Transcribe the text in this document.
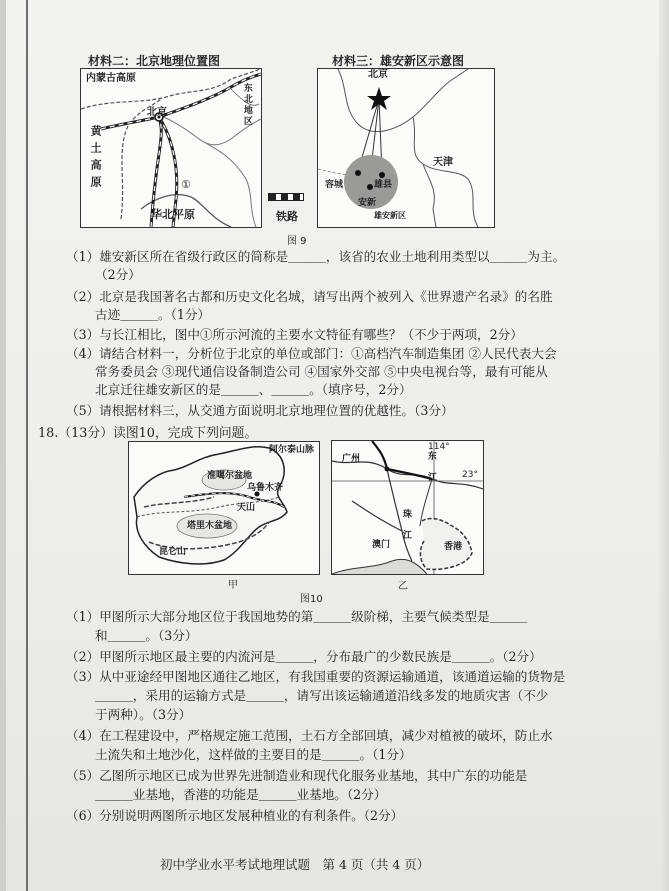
材料二：北京地理位置图	材料三：雄安新区示意图
内蒙古高原
东北地区
黄土高原
北京
华北平原
①
铁路
北京
天津
容城	雄县
安新
雄安新区
图 9
（1）雄安新区所在省级行政区的简称是＿＿＿，该省的农业土地利用类型以＿＿＿为主。
（2分）
（2）北京是我国著名古都和历史文化名城，请写出两个被列入《世界遗产名录》的名胜
古迹＿＿＿。（1分）
（3）与长江相比，图中①所示河流的主要水文特征有哪些？（不少于两项，2分）
（4）请结合材料一，分析位于北京的单位或部门：①高档汽车制造集团 ②人民代表大会
常务委员会 ③现代通信设备制造公司 ④国家外交部 ⑤中央电视台等，最有可能从
北京迁往雄安新区的是＿＿＿、＿＿＿。（填序号，2分）
（5）请根据材料三，从交通方面说明北京地理位置的优越性。（3分）
18.（13分）读图10，完成下列问题。
阿尔泰山脉
准噶尔盆地
乌鲁木齐
天山
塔里木盆地
昆仑山
甲
114°
23°
广州	东江
珠江
澳门	香港
乙
图10
（1）甲图所示大部分地区位于我国地势的第＿＿＿级阶梯，主要气候类型是＿＿＿
和＿＿＿。（3分）
（2）甲图所示地区最主要的内流河是＿＿＿，分布最广的少数民族是＿＿＿。（2分）
（3）从中亚途经甲图地区通往乙地区，有我国重要的资源运输通道，该通道运输的货物是
＿＿＿，采用的运输方式是＿＿＿，请写出该运输通道沿线多发的地质灾害（不少
于两种）。（3分）
（4）在工程建设中，严格规定施工范围，土石方全部回填，减少对植被的破坏，防止水
土流失和土地沙化，这样做的主要目的是＿＿＿。（1分）
（5）乙图所示地区已成为世界先进制造业和现代化服务业基地，其中广东的功能是
＿＿＿业基地，香港的功能是＿＿＿业基地。（2分）
（6）分别说明两图所示地区发展种植业的有利条件。（2分）
初中学业水平考试地理试题　第 4 页（共 4 页）
